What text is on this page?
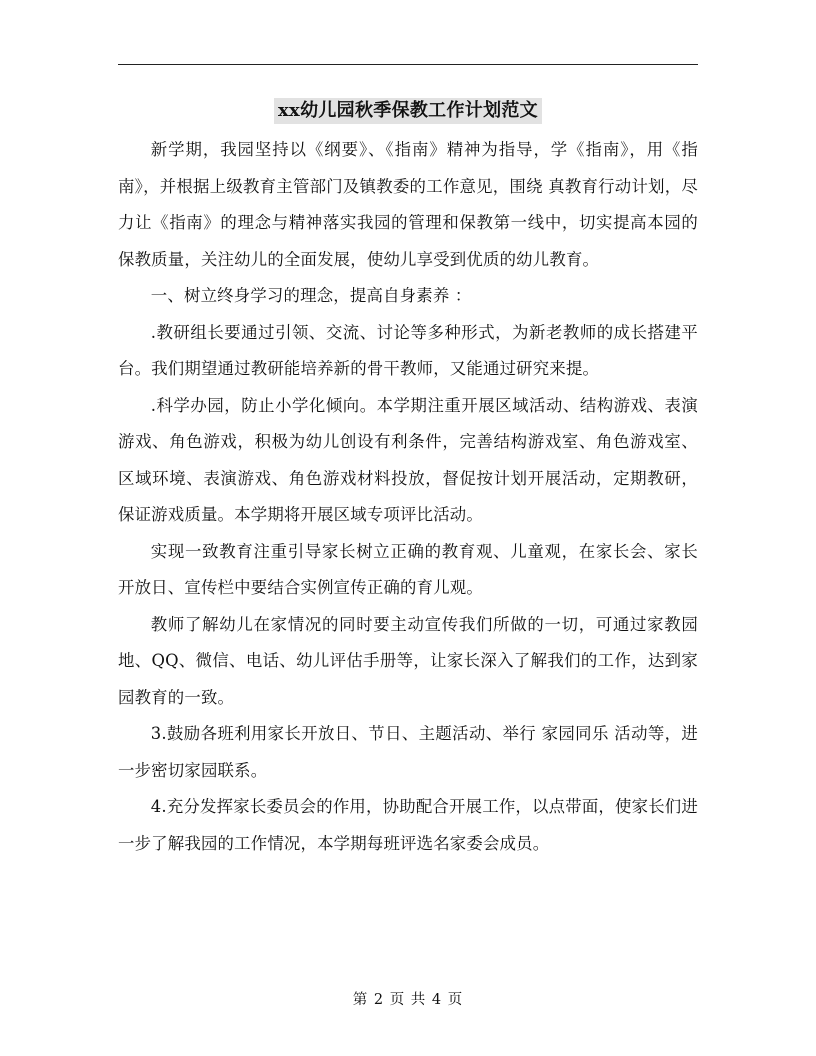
xx幼儿园秋季保教工作计划范文

新学期，我园坚持以《纲要》、《指南》精神为指导，学《指南》，用《指南》，并根据上级教育主管部门及镇教委的工作意见，围绕 真教育行动计划，尽力让《指南》的理念与精神落实我园的管理和保教第一线中，切实提高本园的保教质量，关注幼儿的全面发展，使幼儿享受到优质的幼儿教育。

一、树立终身学习的理念，提高自身素养 ：

.教研组长要通过引领、交流、讨论等多种形式，为新老教师的成长搭建平台。我们期望通过教研能培养新的骨干教师，又能通过研究来提。

.科学办园，防止小学化倾向。本学期注重开展区域活动、结构游戏、表演游戏、角色游戏，积极为幼儿创设有利条件，完善结构游戏室、角色游戏室、区域环境、表演游戏、角色游戏材料投放，督促按计划开展活动，定期教研，保证游戏质量。本学期将开展区域专项评比活动。

实现一致教育注重引导家长树立正确的教育观、儿童观，在家长会、家长开放日、宣传栏中要结合实例宣传正确的育儿观。

教师了解幼儿在家情况的同时要主动宣传我们所做的一切，可通过家教园地、QQ、微信、电话、幼儿评估手册等，让家长深入了解我们的工作，达到家园教育的一致。

3.鼓励各班利用家长开放日、节日、主题活动、举行 家园同乐 活动等，进一步密切家园联系。

4.充分发挥家长委员会的作用，协助配合开展工作，以点带面，使家长们进一步了解我园的工作情况，本学期每班评选名家委会成员。

第 2 页 共 4 页
